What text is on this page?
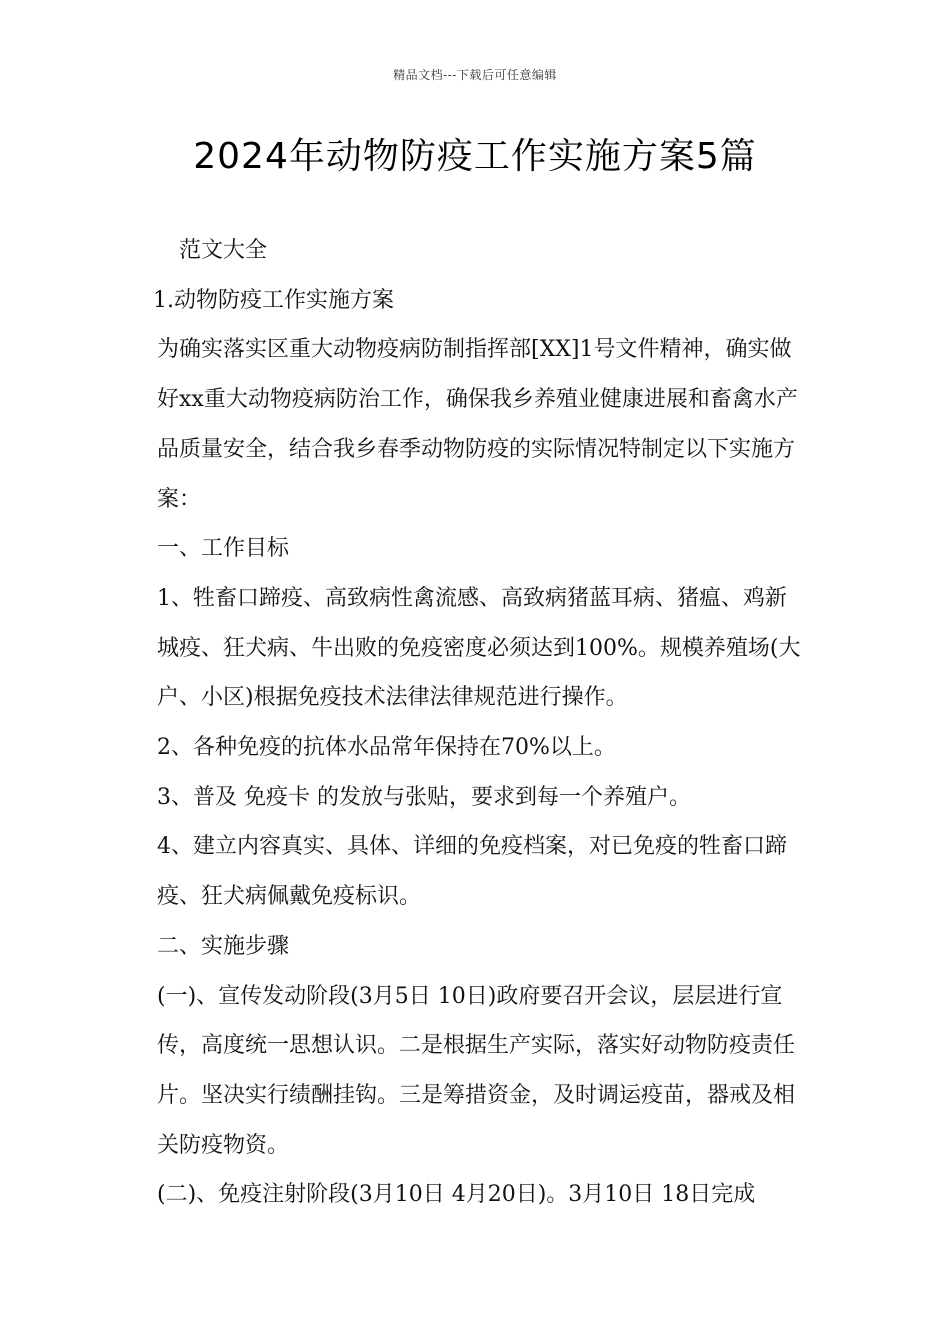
精品文档---下载后可任意编辑
2024年动物防疫工作实施方案5篇

范文大全

1.动物防疫工作实施方案

为确实落实区重大动物疫病防制指挥部[XX]1号文件精神，确实做好xx重大动物疫病防治工作，确保我乡养殖业健康进展和畜禽水产品质量安全，结合我乡春季动物防疫的实际情况特制定以下实施方案：

一、工作目标

1、牲畜口蹄疫、高致病性禽流感、高致病猪蓝耳病、猪瘟、鸡新城疫、狂犬病、牛出败的免疫密度必须达到100%。规模养殖场(大户、小区)根据免疫技术法律法律规范进行操作。

2、各种免疫的抗体水品常年保持在70%以上。

3、普及 免疫卡 的发放与张贴，要求到每一个养殖户。

4、建立内容真实、具体、详细的免疫档案，对已免疫的牲畜口蹄疫、狂犬病佩戴免疫标识。

二、实施步骤

(一)、宣传发动阶段(3月5日 10日)政府要召开会议，层层进行宣传，高度统一思想认识。二是根据生产实际，落实好动物防疫责任片。坚决实行绩酬挂钩。三是筹措资金，及时调运疫苗，器戒及相关防疫物资。

(二)、免疫注射阶段(3月10日 4月20日)。3月10日 18日完成
